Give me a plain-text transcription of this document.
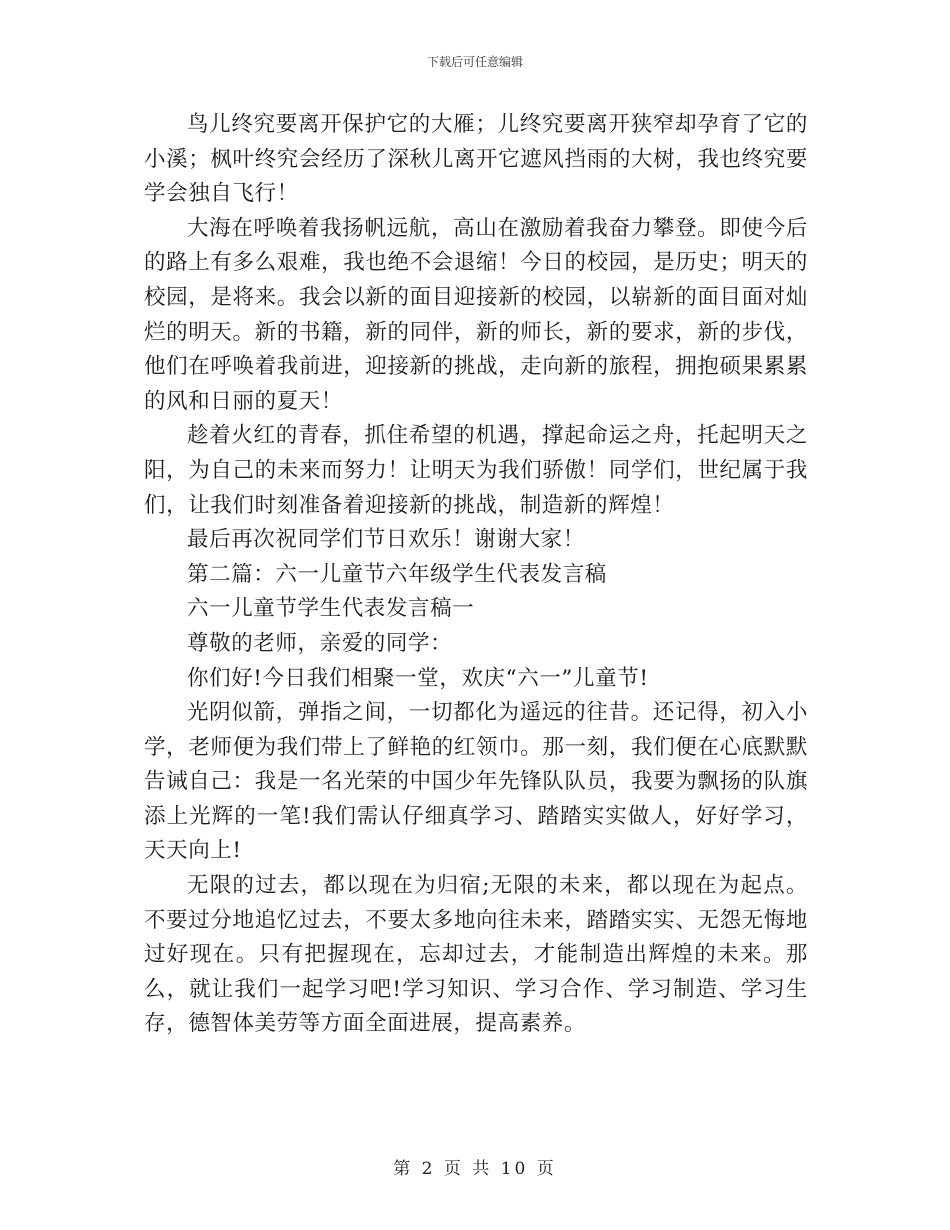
下载后可任意编辑

鸟儿终究要离开保护它的大雁；儿终究要离开狭窄却孕育了它的小溪；枫叶终究会经历了深秋儿离开它遮风挡雨的大树，我也终究要学会独自飞行！

大海在呼唤着我扬帆远航，高山在激励着我奋力攀登。即使今后的路上有多么艰难，我也绝不会退缩！今日的校园，是历史；明天的校园，是将来。我会以新的面目迎接新的校园，以崭新的面目面对灿烂的明天。新的书籍，新的同伴，新的师长，新的要求，新的步伐，他们在呼唤着我前进，迎接新的挑战，走向新的旅程，拥抱硕果累累的风和日丽的夏天！

趁着火红的青春，抓住希望的机遇，撑起命运之舟，托起明天之阳，为自己的未来而努力！让明天为我们骄傲！同学们，世纪属于我们，让我们时刻准备着迎接新的挑战，制造新的辉煌！

最后再次祝同学们节日欢乐！谢谢大家！

第二篇：六一儿童节六年级学生代表发言稿

六一儿童节学生代表发言稿一

尊敬的老师，亲爱的同学：

你们好!今日我们相聚一堂，欢庆“六一”儿童节!

光阴似箭，弹指之间，一切都化为遥远的往昔。还记得，初入小学，老师便为我们带上了鲜艳的红领巾。那一刻，我们便在心底默默告诫自己：我是一名光荣的中国少年先锋队队员，我要为飘扬的队旗添上光辉的一笔!我们需认仔细真学习、踏踏实实做人，好好学习，天天向上!

无限的过去，都以现在为归宿;无限的未来，都以现在为起点。不要过分地追忆过去，不要太多地向往未来，踏踏实实、无怨无悔地过好现在。只有把握现在，忘却过去，才能制造出辉煌的未来。那么，就让我们一起学习吧!学习知识、学习合作、学习制造、学习生存，德智体美劳等方面全面进展，提高素养。

第 2 页 共 10 页
